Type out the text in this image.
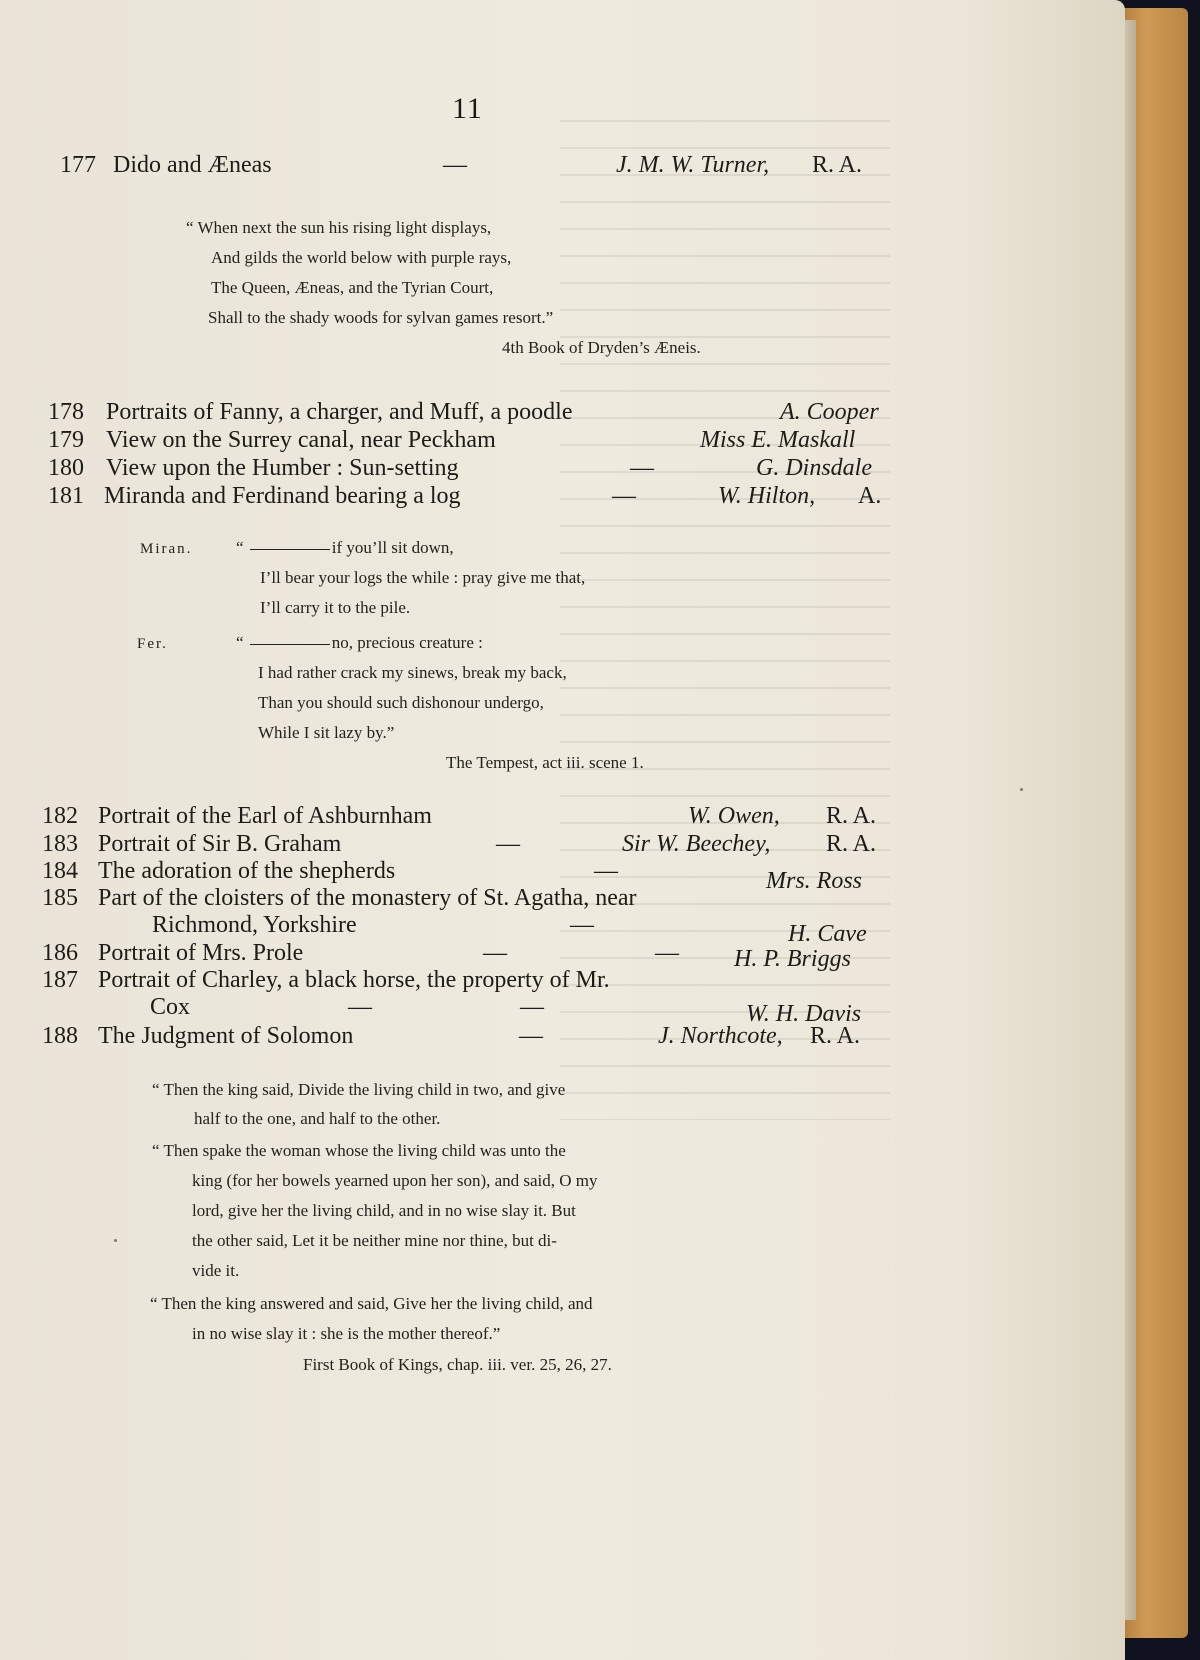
11
177 Dido and Æneas	—	J. M. W. Turner, R. A.
“ When next the sun his rising light displays,
And gilds the world below with purple rays,
The Queen, Æneas, and the Tyrian Court,
Shall to the shady woods for sylvan games resort.”
4th Book of Dryden’s Æneis.
178 Portraits of Fanny, a charger, and Muff, a poodle	A. Cooper
179 View on the Surrey canal, near Peckham	Miss E. Maskall
180 View upon the Humber : Sun-setting	—	G. Dinsdale
181 Miranda and Ferdinand bearing a log	—	W. Hilton, A.
Miran.	“	if you’ll sit down,
I’ll bear your logs the while : pray give me that,
I’ll carry it to the pile.
Fer.	“	no, precious creature :
I had rather crack my sinews, break my back,
Than you should such dishonour undergo,
While I sit lazy by.”
The Tempest, act iii. scene 1.
182 Portrait of the Earl of Ashburnham	W. Owen, R. A.
183 Portrait of Sir B. Graham	—	Sir W. Beechey, R. A.
184 The adoration of the shepherds	—	Mrs. Ross
185 Part of the cloisters of the monastery of St. Agatha, near
Richmond, Yorkshire	—	H. Cave
186 Portrait of Mrs. Prole	—	— H. P. Briggs
187 Portrait of Charley, a black horse, the property of Mr.
Cox	—	—	W. H. Davis
188 The Judgment of Solomon	—	J. Northcote, R. A.
“ Then the king said, Divide the living child in two, and give
half to the one, and half to the other.
“ Then spake the woman whose the living child was unto the
king (for her bowels yearned upon her son), and said, O my
lord, give her the living child, and in no wise slay it. But
the other said, Let it be neither mine nor thine, but di-
vide it.
“ Then the king answered and said, Give her the living child, and
in no wise slay it : she is the mother thereof.”
First Book of Kings, chap. iii. ver. 25, 26, 27.
